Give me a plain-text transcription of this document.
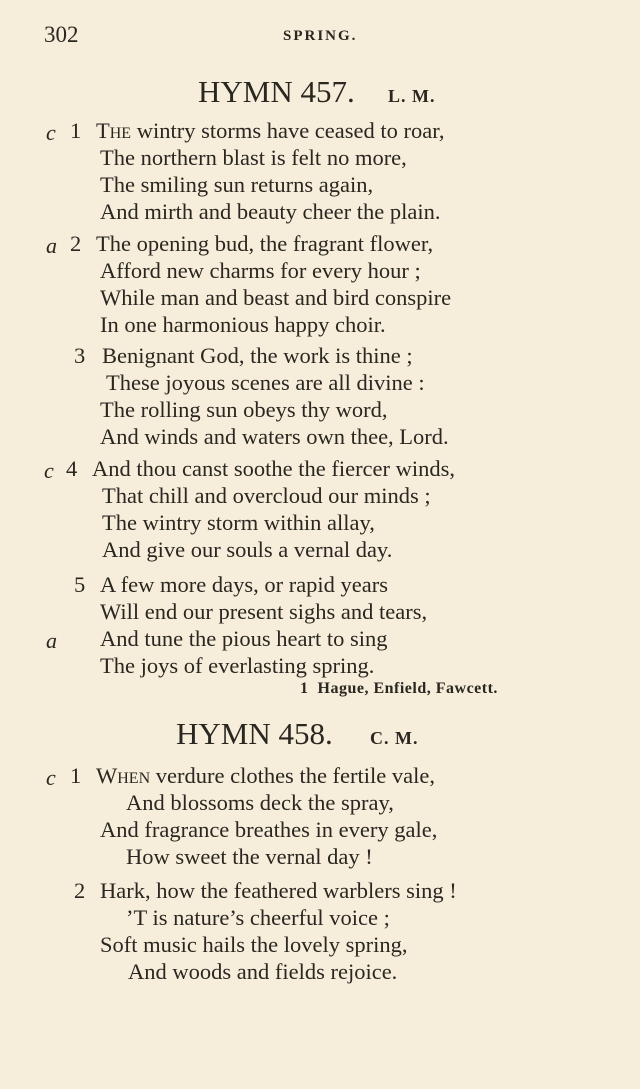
302	SPRING.
HYMN 457. L. M.
c 1 The wintry storms have ceased to roar,
The northern blast is felt no more,
The smiling sun returns again,
And mirth and beauty cheer the plain.
a 2 The opening bud, the fragrant flower,
Afford new charms for every hour ;
While man and beast and bird conspire
In one harmonious happy choir.
3 Benignant God, the work is thine ;
These joyous scenes are all divine :
The rolling sun obeys thy word,
And winds and waters own thee, Lord.
c 4 And thou canst soothe the fiercer winds,
That chill and overcloud our minds ;
The wintry storm within allay,
And give our souls a vernal day.
5 A few more days, or rapid years
Will end our present sighs and tears,
a And tune the pious heart to sing
The joys of everlasting spring.
1 Hague, Enfield, Fawcett.
HYMN 458. C. M.
c 1 When verdure clothes the fertile vale,
And blossoms deck the spray,
And fragrance breathes in every gale,
How sweet the vernal day !
2 Hark, how the feathered warblers sing !
’T is nature’s cheerful voice ;
Soft music hails the lovely spring,
And woods and fields rejoice.
